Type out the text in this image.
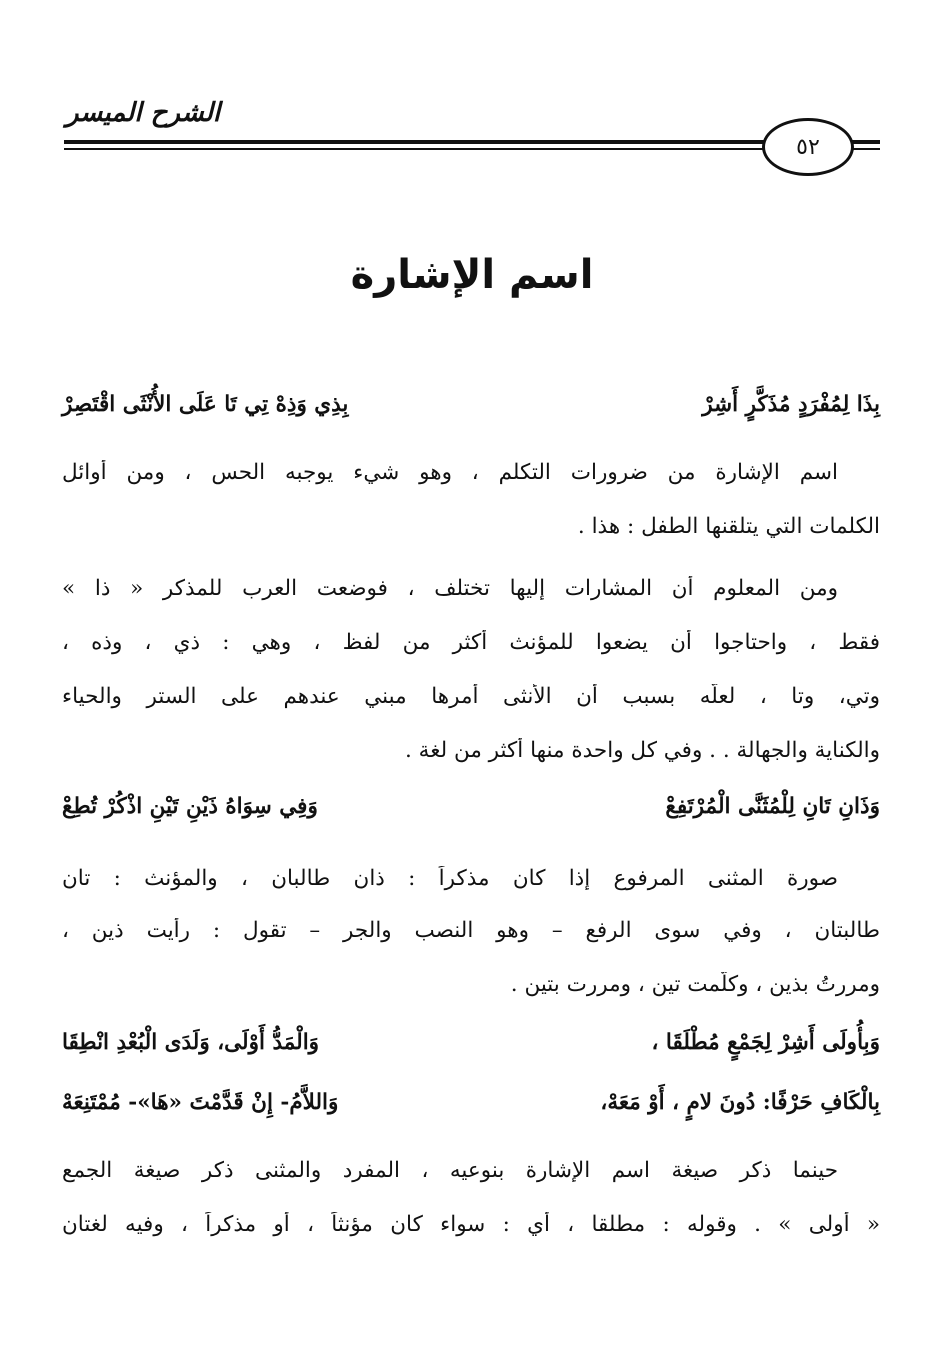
الشرح الميسر
٥٢
اسم الإشارة
بِذَا لِمُفْرَدٍ مُذَكَّرٍ أَشِرْ
بِذِي وَذِهْ تِي تَا عَلَى الأُنْثَى اقْتَصِرْ
اسم الإشارة من ضرورات التكلم ، وهو شيء يوجبه الحس ، ومن أوائل
الكلمات التي يتلقنها الطفل : هذا .
ومن المعلوم أن المشارات إليها تختلف ، فوضعت العرب للمذكر « ذا »
فقط ، واحتاجوا أن يضعوا للمؤنث أكثر من لفظ ، وهي : ذي ، وذه ،
وتي، وتا ، لعلّه بسبب أن الأنثى أمرها مبني عندهم على الستر والحياء
والكناية والجهالة . . وفي كل واحدة منها أكثر من لغة .
وَذَانِ تَانِ لِلْمُثَنَّى الْمُرْتَفِعْ
وَفِي سِوَاهُ ذَيْنِ تَيْنِ اذْكُرْ تُطِعْ
صورة المثنى المرفوع إذا كان مذكراً : ذان طالبان ، والمؤنث : تان
طالبتان ، وفي سوى الرفع – وهو النصب والجر – تقول : رأيت ذين ،
ومررتُ بذين ، وكلّمت تين ، ومررت بتين .
وَبِأُولَى أَشِرْ لِجَمْعٍ مُطْلَقَا ،
وَالْمَدُّ أَوْلَى، وَلَدَى الْبُعْدِ انْطِقَا
بِالْكَافِ حَرْفًا: دُونَ لامٍ ، أَوْ مَعَهْ،
وَاللاَّمُ- إِنْ قَدَّمْتَ «هَا»- مُمْتَنِعَهْ
حينما ذكر صيغة اسم الإشارة بنوعيه ، المفرد والمثنى ذكر صيغة الجمع
« أُولى » . وقوله : مطلقا ، أي : سواء كان مؤنثاً ، أو مذكراً ، وفيه لغتان
